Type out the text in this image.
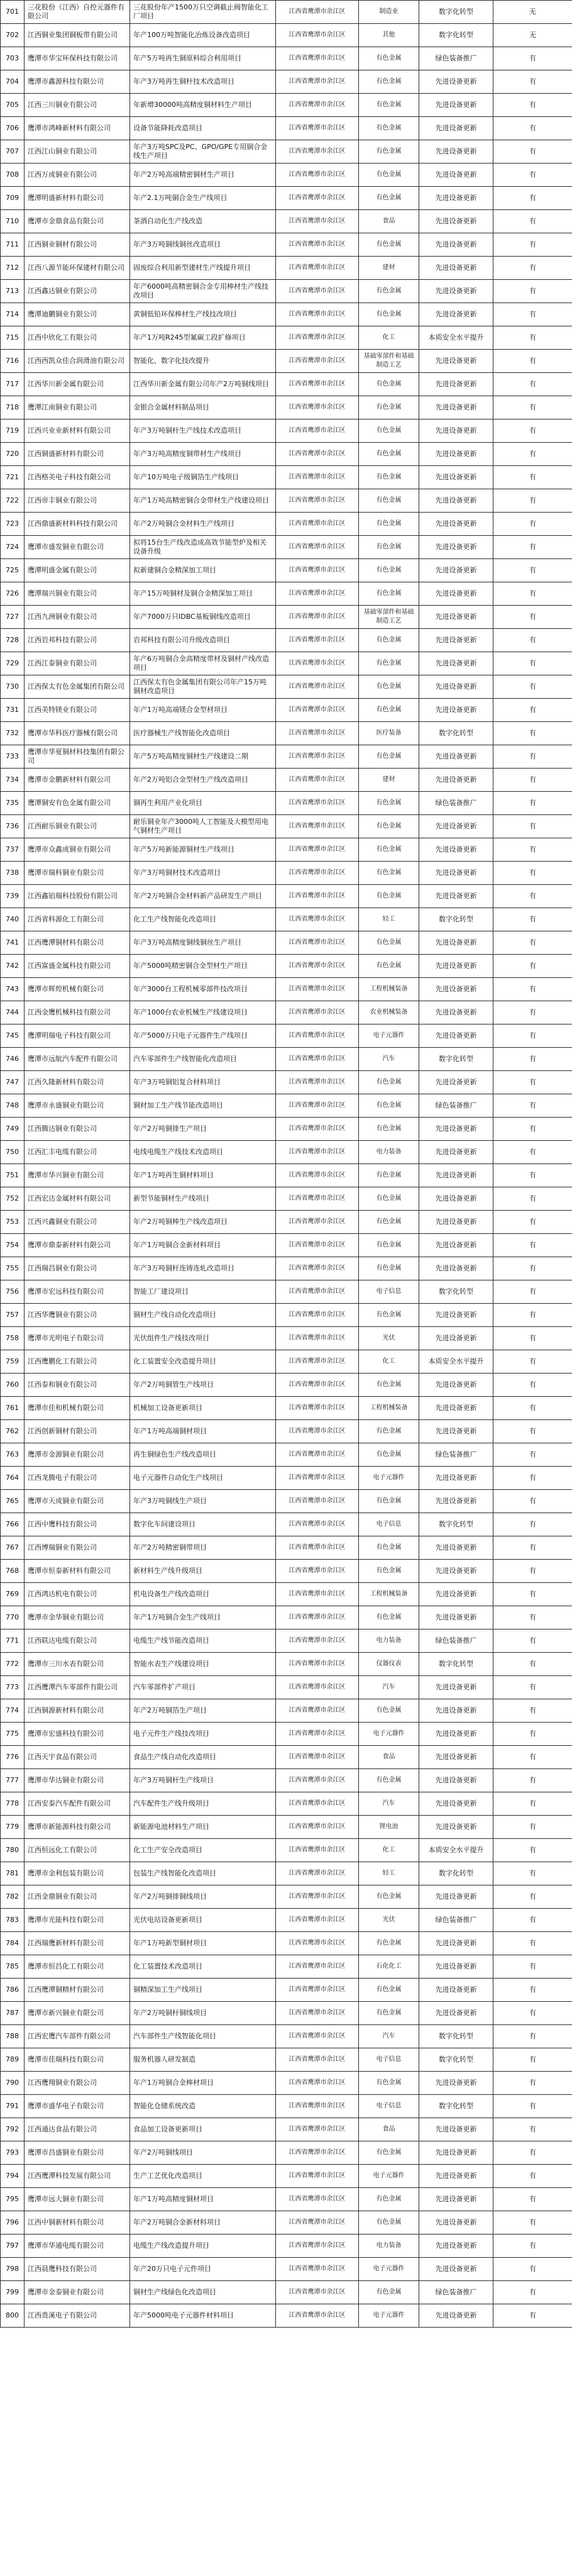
701	三花股份（江西）自控元器件有限公司	三花股份年产1500万只空调截止阀智能化工厂项目	江西省鹰潭市余江区	制造业	数字化转型	无
702	江西铜业集团铜板带有限公司	年产100万吨智能化冶炼设备改造项目	江西省鹰潭市余江区	其他	数字化转型	无
703	鹰潭市华宝环保科技有限公司	年产5万吨再生铜原料综合利用项目	江西省鹰潭市余江区	有色金属	绿色装备推广	有
704	鹰潭市鑫源科技有限公司	年产3万吨再生铜杆技术改造项目	江西省鹰潭市余江区	有色金属	先进设备更新	有
705	江西三川铜业有限公司	年新增30000吨高精度铜材料生产项目	江西省鹰潭市余江区	有色金属	先进设备更新	有
706	鹰潭市鸿峰新材料有限公司	设备节能降耗改造项目	江西省鹰潭市余江区	有色金属	先进设备更新	有
707	江西江山铜业有限公司	年产3万吨SPC及PC、GPO/GPE专用铜合金线生产项目	江西省鹰潭市余江区	有色金属	先进设备更新	有
708	江西万成铜业有限公司	年产2万吨高端精密铜材生产项目	江西省鹰潭市余江区	有色金属	先进设备更新	有
709	鹰潭明盛新材料有限公司	年产2.1万吨铜合金生产线项目	江西省鹰潭市余江区	有色金属	先进设备更新	有
710	鹰潭市金鼎食品有限公司	茶酒自动化生产线改造	江西省鹰潭市余江区	食品	先进设备更新	有
711	江西铜业铜材有限公司	年产3万吨铜线铜丝改造项目	江西省鹰潭市余江区	有色金属	先进设备更新	有
712	江西八源节能环保建材有限公司	固废综合利用新型建材生产线提升项目	江西省鹰潭市余江区	建材	先进设备更新	有
713	江西鑫达铜业有限公司	年产6000吨高精密铜合金专用棒材生产线技改项目	江西省鹰潭市余江区	有色金属	先进设备更新	有
714	鹰潭迪鹏铜业有限公司	黄铜低铅环保棒材生产线技改项目	江西省鹰潭市余江区	有色金属	先进设备更新	有
715	江西中欣化工有限公司	年产1万吨R245型氟碳工段扩修项目	江西省鹰潭市余江区	化工	本质安全水平提升	有
716	江西西凯众佳合润滑油有限公司	智能化、数字化技改提升	江西省鹰潭市余江区	基础零部件和基础制造工艺	先进设备更新	有
717	江西华川新金属有限公司	江西华川新金属有限公司年产2万吨铜线项目	江西省鹰潭市余江区	有色金属	先进设备更新	有
718	鹰潭江南铜业有限公司	金银合金属材料制品项目	江西省鹰潭市余江区	有色金属	先进设备更新	有
719	江西兴业业新材料有限公司	年产3万吨铜杆生产线技术改造项目	江西省鹰潭市余江区	有色金属	先进设备更新	有
720	江西铜盛新材料有限公司	年产3万吨高精度铜带材生产线项目	江西省鹰潭市余江区	有色金属	先进设备更新	有
721	江西格美电子科技有限公司	年产10万吨电子级铜箔生产线项目	江西省鹰潭市余江区	有色金属	先进设备更新	有
722	江西帝丰铜业有限公司	年产1万吨高精密铜合金带材生产线建设项目	江西省鹰潭市余江区	有色金属	先进设备更新	有
723	江西鼎盛新材料科技有限公司	年产2万吨铜合金材料生产线项目	江西省鹰潭市余江区	有色金属	先进设备更新	有
724	鹰潭市盛发铜业有限公司	拟将15台生产线改造成高效节能型炉及相关设备升级	江西省鹰潭市余江区	有色金属	先进设备更新	有
725	鹰潭明盛金属有限公司	拟新建铜合金精深加工项目	江西省鹰潭市余江区	有色金属	先进设备更新	有
726	鹰潭瑞兴铜业有限公司	年产15万吨铜材及铜合金精深加工项目	江西省鹰潭市余江区	有色金属	先进设备更新	有
727	江西九洲铜业有限公司	年产7000万只IDBC基板铜线改造项目	江西省鹰潭市余江区	基础零部件和基础制造工艺	先进设备更新	有
728	江西岩邦科技有限公司	岩邦科技有限公司升级改造项目	江西省鹰潭市余江区	有色金属	先进设备更新	有
729	江西江泰铜业有限公司	年产6万吨铜合金高精度带材及铜材产线改造项目	江西省鹰潭市余江区	有色金属	先进设备更新	有
730	江西保太有色金属集团有限公司	江西保太有色金属集团有限公司年产15万吨铜材改造项目	江西省鹰潭市余江区	有色金属	先进设备更新	有
731	江西美特镁业有限公司	年产1万吨高端镁合金型材项目	江西省鹰潭市余江区	有色金属	先进设备更新	有
732	鹰潭市华科医疗器械有限公司	医疗器械生产线智能化改造项目	江西省鹰潭市余江区	医疗装备	数字化转型	有
733	鹰潭市华夏铜材科技集团有限公司	年产5万吨高精度铜材生产线建设二期	江西省鹰潭市余江区	有色金属	先进设备更新	有
734	鹰潭市金鹏新材料有限公司	年产2万吨铝合金型材生产线改造项目	江西省鹰潭市余江区	建材	先进设备更新	有
735	鹰潭铜安有色金属有限公司	铜再生利用产业化项目	江西省鹰潭市余江区	有色金属	绿色装备推广	有
736	江西耐乐铜业有限公司	耐乐铜业年产3000吨人工智能及大模型用电气铜材生产项目	江西省鹰潭市余江区	有色金属	先进设备更新	有
737	鹰潭市众鑫成铜业有限公司	年产5万吨新能源铜材生产线项目	江西省鹰潭市余江区	有色金属	先进设备更新	有
738	鹰潭市瑞科铜业有限公司	年产3万吨铜材技术改造项目	江西省鹰潭市余江区	有色金属	先进设备更新	有
739	江西鑫铂瑞科技股份有限公司	年产2万吨铜合金材料新产品研发生产项目	江西省鹰潭市余江区	有色金属	先进设备更新	有
740	江西省科源化工有限公司	化工生产线智能化改造项目	江西省鹰潭市余江区	轻工	数字化转型	有
741	江西鹰潭铜材料有限公司	年产3万吨高精度铜线铜丝生产项目	江西省鹰潭市余江区	有色金属	先进设备更新	有
742	江西富盛金属科技有限公司	年产5000吨精密铜合金型材生产项目	江西省鹰潭市余江区	有色金属	先进设备更新	有
743	鹰潭市辉煌机械有限公司	年产3000台工程机械零部件技改项目	江西省鹰潭市余江区	工程机械装备	先进设备更新	有
744	江西金鹰机械科技有限公司	年产1000台农业机械生产线建设项目	江西省鹰潭市余江区	农业机械装备	先进设备更新	有
745	鹰潭明瑞电子科技有限公司	年产5000万只电子元器件生产线项目	江西省鹰潭市余江区	电子元器件	先进设备更新	有
746	鹰潭市远航汽车配件有限公司	汽车零部件生产线智能化改造项目	江西省鹰潭市余江区	汽车	数字化转型	有
747	江西久隆新材料有限公司	年产3万吨铜铝复合材料项目	江西省鹰潭市余江区	有色金属	先进设备更新	有
748	鹰潭市永盛铜业有限公司	铜材加工生产线节能改造项目	江西省鹰潭市余江区	有色金属	绿色装备推广	有
749	江西腾达铜业有限公司	年产2万吨铜排生产项目	江西省鹰潭市余江区	有色金属	先进设备更新	有
750	江西汇丰电缆有限公司	电线电缆生产线技术改造项目	江西省鹰潭市余江区	电力装备	先进设备更新	有
751	鹰潭市华兴铜业有限公司	年产1万吨再生铜材料项目	江西省鹰潭市余江区	有色金属	先进设备更新	有
752	江西宏达金属材料有限公司	新型节能铜材生产线项目	江西省鹰潭市余江区	有色金属	先进设备更新	有
753	江西兴鑫铜业有限公司	年产2万吨铜棒生产线改造项目	江西省鹰潭市余江区	有色金属	先进设备更新	有
754	鹰潭市鼎泰新材料有限公司	年产1万吨铜合金新材料项目	江西省鹰潭市余江区	有色金属	先进设备更新	有
755	江西瑞昌铜业有限公司	年产3万吨铜杆连铸连轧改造项目	江西省鹰潭市余江区	有色金属	先进设备更新	有
756	鹰潭市宏远科技有限公司	智能工厂建设项目	江西省鹰潭市余江区	电子信息	数字化转型	有
757	江西华鹰铜业有限公司	铜材生产线自动化改造项目	江西省鹰潭市余江区	有色金属	先进设备更新	有
758	鹰潭市光明电子有限公司	光伏组件生产线技改项目	江西省鹰潭市余江区	光伏	先进设备更新	有
759	江西鹰鹏化工有限公司	化工装置安全改造提升项目	江西省鹰潭市余江区	化工	本质安全水平提升	有
760	江西泰和铜业有限公司	年产2万吨铜管生产线项目	江西省鹰潭市余江区	有色金属	先进设备更新	有
761	鹰潭市佳和机械有限公司	机械加工设备更新项目	江西省鹰潭市余江区	工程机械装备	先进设备更新	有
762	江西创新铜材有限公司	年产1万吨高端铜材项目	江西省鹰潭市余江区	有色金属	先进设备更新	有
763	鹰潭市金源铜业有限公司	再生铜绿色生产线改造项目	江西省鹰潭市余江区	有色金属	绿色装备推广	有
764	江西龙腾电子有限公司	电子元器件自动化生产线项目	江西省鹰潭市余江区	电子元器件	先进设备更新	有
765	鹰潭市天成铜业有限公司	年产3万吨铜线生产项目	江西省鹰潭市余江区	有色金属	先进设备更新	有
766	江西中鹰科技有限公司	数字化车间建设项目	江西省鹰潭市余江区	电子信息	数字化转型	有
767	江西博瑞铜业有限公司	年产2万吨精密铜带项目	江西省鹰潭市余江区	有色金属	先进设备更新	有
768	鹰潭市恒泰新材料有限公司	新材料生产线升级项目	江西省鹰潭市余江区	有色金属	先进设备更新	有
769	江西鸿达机电有限公司	机电设备生产线改造项目	江西省鹰潭市余江区	工程机械装备	先进设备更新	有
770	鹰潭市金华铜业有限公司	年产1万吨铜合金生产线项目	江西省鹰潭市余江区	有色金属	先进设备更新	有
771	江西联达电缆有限公司	电缆生产线节能改造项目	江西省鹰潭市余江区	电力装备	绿色装备推广	有
772	鹰潭市三川水表有限公司	智能水表生产线建设项目	江西省鹰潭市余江区	仪器仪表	数字化转型	有
773	江西鹰潭汽车零部件有限公司	汽车零部件扩产项目	江西省鹰潭市余江区	汽车	先进设备更新	有
774	江西铜源新材料有限公司	年产2万吨铜箔生产项目	江西省鹰潭市余江区	有色金属	先进设备更新	有
775	鹰潭市宏盛科技有限公司	电子元件生产线技改项目	江西省鹰潭市余江区	电子元器件	先进设备更新	有
776	江西天宇食品有限公司	食品生产线自动化改造项目	江西省鹰潭市余江区	食品	先进设备更新	有
777	鹰潭市华达铜业有限公司	年产3万吨铜杆生产线项目	江西省鹰潭市余江区	有色金属	先进设备更新	有
778	江西安泰汽车配件有限公司	汽车配件生产线升级项目	江西省鹰潭市余江区	汽车	先进设备更新	有
779	鹰潭市新能源科技有限公司	新能源电池材料生产项目	江西省鹰潭市余江区	锂电池	先进设备更新	有
780	江西恒远化工有限公司	化工生产安全改造项目	江西省鹰潭市余江区	化工	本质安全水平提升	有
781	鹰潭市金利包装有限公司	包装生产线智能化改造项目	江西省鹰潭市余江区	轻工	数字化转型	有
782	江西金鼎铜业有限公司	年产2万吨铜排铜线项目	江西省鹰潭市余江区	有色金属	先进设备更新	有
783	鹰潭市光能科技有限公司	光伏电站设备更新项目	江西省鹰潭市余江区	光伏	绿色装备推广	有
784	江西瑞鹰新材料有限公司	年产1万吨新型铜材项目	江西省鹰潭市余江区	有色金属	先进设备更新	有
785	鹰潭市恒昌化工有限公司	化工装置技术改造项目	江西省鹰潭市余江区	石化化工	先进设备更新	有
786	江西鹰潭铜精材有限公司	铜精深加工生产线项目	江西省鹰潭市余江区	有色金属	先进设备更新	有
787	鹰潭市新兴铜业有限公司	年产2万吨铜杆铜线项目	江西省鹰潭市余江区	有色金属	先进设备更新	有
788	江西宏鹰汽车部件有限公司	汽车部件生产线智能化项目	江西省鹰潭市余江区	汽车	数字化转型	有
789	鹰潭市佳瑞科技有限公司	服务机器人研发制造	江西省鹰潭市余江区	电子信息	数字化转型	有
790	江西鹰翔铜业有限公司	年产1万吨铜合金棒材项目	江西省鹰潭市余江区	有色金属	先进设备更新	有
791	鹰潭市盛华电子有限公司	智能化仓储系统改造	江西省鹰潭市余江区	电子信息	数字化转型	有
792	江西通达食品有限公司	食品加工设备更新项目	江西省鹰潭市余江区	食品	先进设备更新	有
793	鹰潭市昌盛铜业有限公司	年产2万吨铜线项目	江西省鹰潭市余江区	有色金属	先进设备更新	有
794	江西鹰潭科技发展有限公司	生产工艺优化改造项目	江西省鹰潭市余江区	电子元器件	先进设备更新	有
795	鹰潭市远大铜业有限公司	年产1万吨高精度铜材项目	江西省鹰潭市余江区	有色金属	先进设备更新	有
796	江西中铜新材料有限公司	年产2万吨铜合金新材料项目	江西省鹰潭市余江区	有色金属	先进设备更新	有
797	鹰潭市华通电缆有限公司	电缆生产线改造提升项目	江西省鹰潭市余江区	电力装备	先进设备更新	有
798	江西晨鹰科技有限公司	年产20万只电子元件项目	江西省鹰潭市余江区	电子元器件	先进设备更新	有
799	鹰潭市金泰铜业有限公司	铜材生产线绿色化改造项目	江西省鹰潭市余江区	有色金属	绿色装备推广	有
800	江西贵溪电子有限公司	年产5000吨电子元器件材料项目	江西省鹰潭市余江区	电子元器件	先进设备更新	有
